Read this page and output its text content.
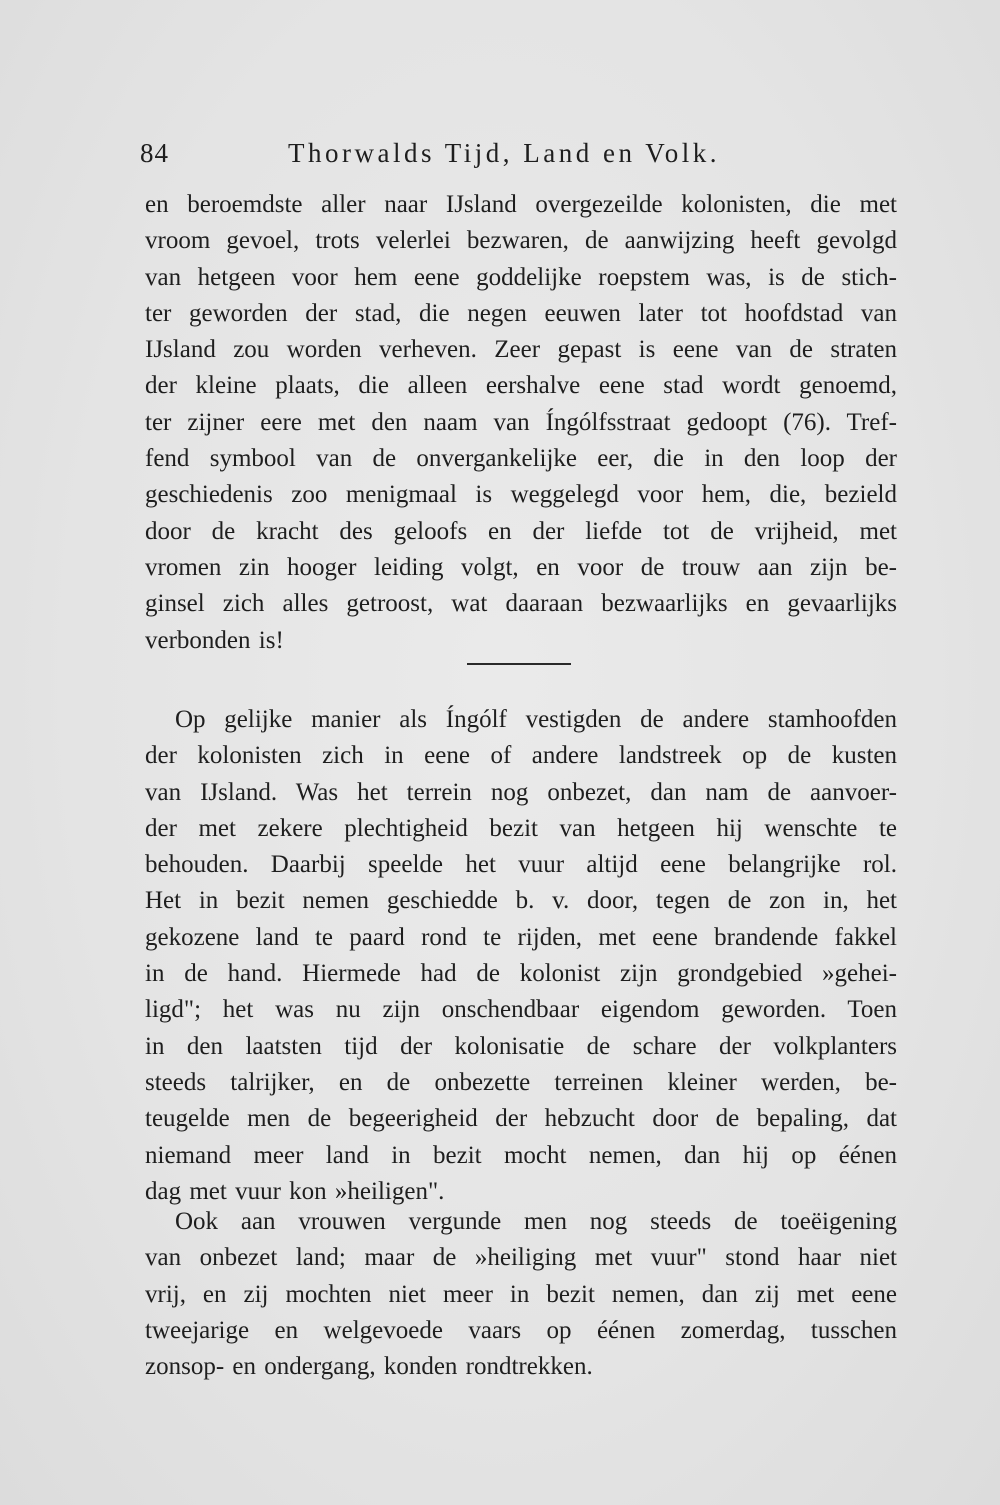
84	Thorwalds Tijd, Land en Volk.
en beroemdste aller naar IJsland overgezeilde kolonisten, die met
vroom gevoel, trots velerlei bezwaren, de aanwijzing heeft gevolgd
van hetgeen voor hem eene goddelijke roepstem was, is de stich-
ter geworden der stad, die negen eeuwen later tot hoofdstad van
IJsland zou worden verheven. Zeer gepast is eene van de straten
der kleine plaats, die alleen eershalve eene stad wordt genoemd,
ter zijner eere met den naam van Íngólfsstraat gedoopt (76). Tref-
fend symbool van de onvergankelijke eer, die in den loop der
geschiedenis zoo menigmaal is weggelegd voor hem, die, bezield
door de kracht des geloofs en der liefde tot de vrijheid, met
vromen zin hooger leiding volgt, en voor de trouw aan zijn be-
ginsel zich alles getroost, wat daaraan bezwaarlijks en gevaarlijks
verbonden is!
Op gelijke manier als Íngólf vestigden de andere stamhoofden
der kolonisten zich in eene of andere landstreek op de kusten
van IJsland. Was het terrein nog onbezet, dan nam de aanvoer-
der met zekere plechtigheid bezit van hetgeen hij wenschte te
behouden. Daarbij speelde het vuur altijd eene belangrijke rol.
Het in bezit nemen geschiedde b. v. door, tegen de zon in, het
gekozene land te paard rond te rijden, met eene brandende fakkel
in de hand. Hiermede had de kolonist zijn grondgebied »gehei-
ligd"; het was nu zijn onschendbaar eigendom geworden. Toen
in den laatsten tijd der kolonisatie de schare der volkplanters
steeds talrijker, en de onbezette terreinen kleiner werden, be-
teugelde men de begeerigheid der hebzucht door de bepaling, dat
niemand meer land in bezit mocht nemen, dan hij op éénen
dag met vuur kon »heiligen".
Ook aan vrouwen vergunde men nog steeds de toeëigening
van onbezet land; maar de »heiliging met vuur" stond haar niet
vrij, en zij mochten niet meer in bezit nemen, dan zij met eene
tweejarige en welgevoede vaars op éénen zomerdag, tusschen
zonsop- en ondergang, konden rondtrekken.
